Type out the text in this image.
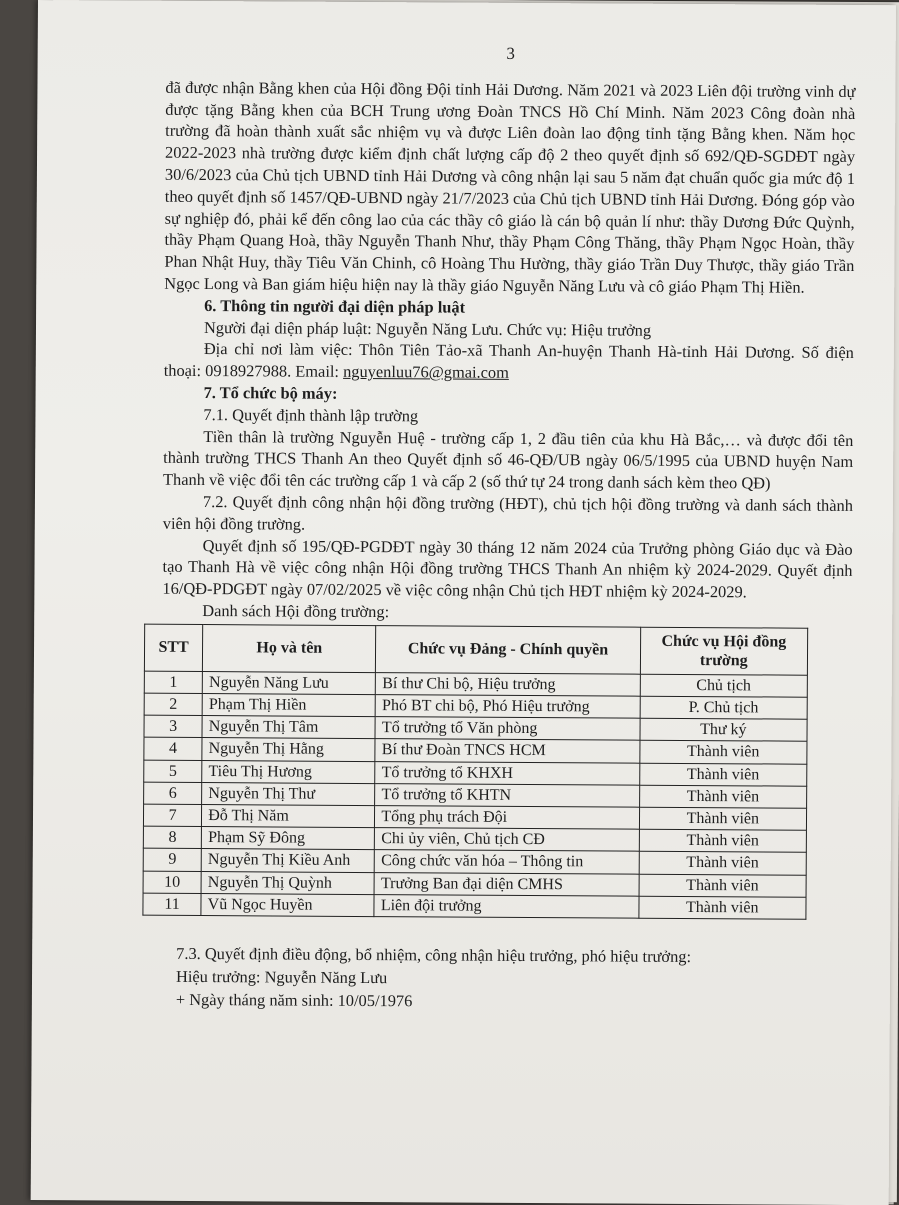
3

đã được nhận Bằng khen của Hội đồng Đội tỉnh Hải Dương. Năm 2021 và 2023 Liên đội trường vinh dự được tặng Bằng khen của BCH Trung ương Đoàn TNCS Hồ Chí Minh. Năm 2023 Công đoàn nhà trường đã hoàn thành xuất sắc nhiệm vụ và được Liên đoàn lao động tỉnh tặng Bằng khen. Năm học 2022-2023 nhà trường được kiểm định chất lượng cấp độ 2 theo quyết định số 692/QĐ-SGDĐT ngày 30/6/2023 của Chủ tịch UBND tỉnh Hải Dương và công nhận lại sau 5 năm đạt chuẩn quốc gia mức độ 1 theo quyết định số 1457/QĐ-UBND ngày 21/7/2023 của Chủ tịch UBND tỉnh Hải Dương. Đóng góp vào sự nghiệp đó, phải kể đến công lao của các thầy cô giáo là cán bộ quản lí như: thầy Dương Đức Quỳnh, thầy Phạm Quang Hoà, thầy Nguyễn Thanh Như, thầy Phạm Công Thăng, thầy Phạm Ngọc Hoàn, thầy Phan Nhật Huy, thầy Tiêu Văn Chinh, cô Hoàng Thu Hường, thầy giáo Trần Duy Thược, thầy giáo Trần Ngọc Long và Ban giám hiệu hiện nay là thầy giáo Nguyễn Năng Lưu và cô giáo Phạm Thị Hiền.

6. Thông tin người đại diện pháp luật

Người đại diện pháp luật: Nguyễn Năng Lưu. Chức vụ: Hiệu trưởng

Địa chỉ nơi làm việc: Thôn Tiên Tảo-xã Thanh An-huyện Thanh Hà-tỉnh Hải Dương. Số điện thoại: 0918927988. Email: nguyenluu76@gmai.com

7. Tổ chức bộ máy:

7.1. Quyết định thành lập trường

Tiền thân là trường Nguyễn Huệ - trường cấp 1, 2 đầu tiên của khu Hà Bắc,… và được đổi tên thành trường THCS Thanh An theo Quyết định số 46-QĐ/UB ngày 06/5/1995 của UBND huyện Nam Thanh về việc đổi tên các trường cấp 1 và cấp 2 (số thứ tự 24 trong danh sách kèm theo QĐ)

7.2. Quyết định công nhận hội đồng trường (HĐT), chủ tịch hội đồng trường và danh sách thành viên hội đồng trường.

Quyết định số 195/QĐ-PGDĐT ngày 30 tháng 12 năm 2024 của Trưởng phòng Giáo dục và Đào tạo Thanh Hà về việc công nhận Hội đồng trường THCS Thanh An nhiệm kỳ 2024-2029. Quyết định 16/QĐ-PDGĐT ngày 07/02/2025 về việc công nhận Chủ tịch HĐT nhiệm kỳ 2024-2029.

Danh sách Hội đồng trường:

STT	Họ và tên	Chức vụ Đảng - Chính quyền	Chức vụ Hội đồng trường
1	Nguyễn Năng Lưu	Bí thư Chi bộ, Hiệu trưởng	Chủ tịch
2	Phạm Thị Hiền	Phó BT chi bộ, Phó Hiệu trưởng	P. Chủ tịch
3	Nguyễn Thị Tâm	Tổ trưởng tổ Văn phòng	Thư ký
4	Nguyễn Thị Hằng	Bí thư Đoàn TNCS HCM	Thành viên
5	Tiêu Thị Hương	Tổ trưởng tổ KHXH	Thành viên
6	Nguyễn Thị Thư	Tổ trưởng tổ KHTN	Thành viên
7	Đỗ Thị Năm	Tổng phụ trách Đội	Thành viên
8	Phạm Sỹ Đông	Chi ủy viên, Chủ tịch CĐ	Thành viên
9	Nguyễn Thị Kiều Anh	Công chức văn hóa – Thông tin	Thành viên
10	Nguyễn Thị Quỳnh	Trưởng Ban đại diện CMHS	Thành viên
11	Vũ Ngọc Huyền	Liên đội trưởng	Thành viên

7.3. Quyết định điều động, bổ nhiệm, công nhận hiệu trưởng, phó hiệu trưởng:

Hiệu trưởng: Nguyễn Năng Lưu

+ Ngày tháng năm sinh: 10/05/1976
